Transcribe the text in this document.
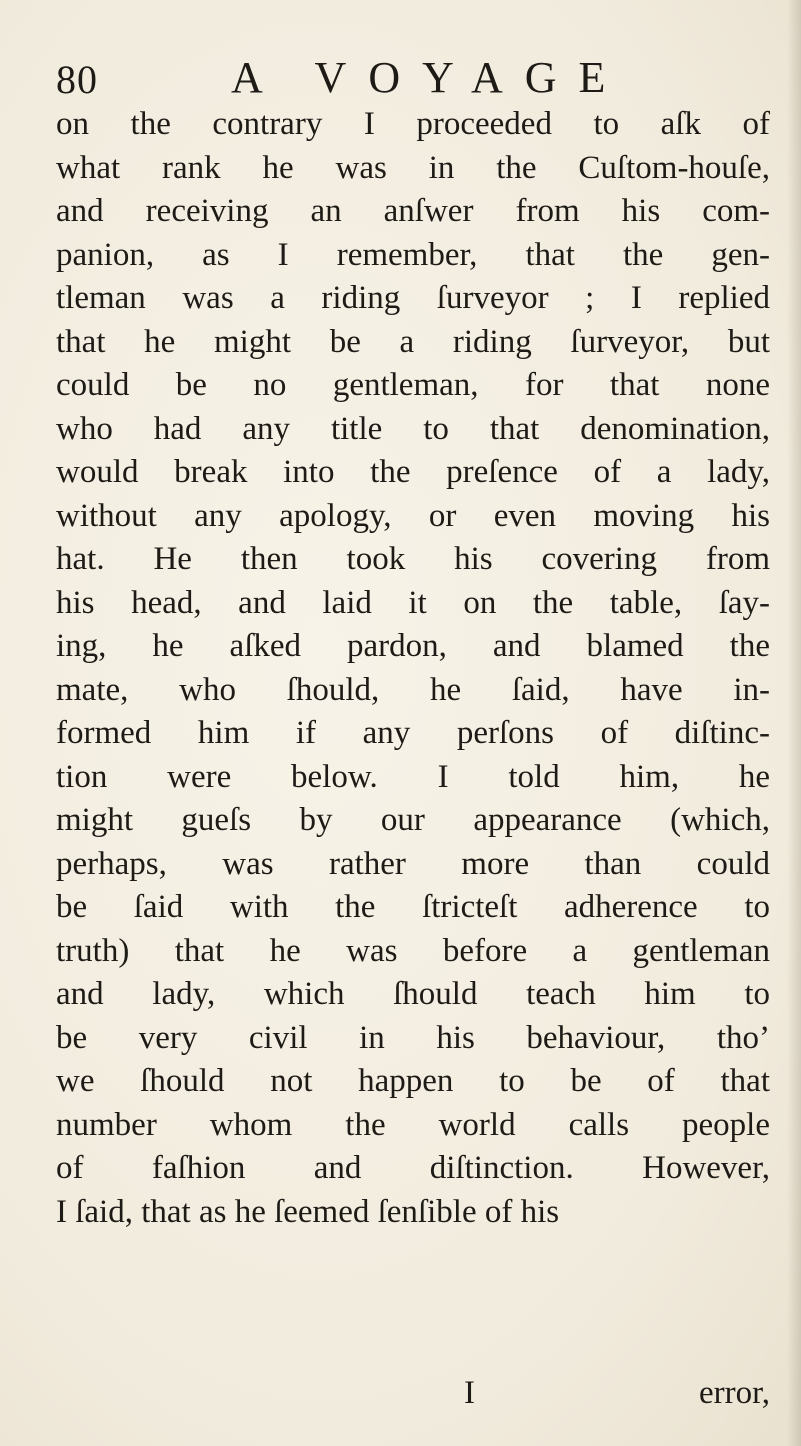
80	A VOYAGE
on the contrary I proceeded to aſk of
what rank he was in the Cuſtom-houſe,
and receiving an anſwer from his com-
panion, as I remember, that the gen-
tleman was a riding ſurveyor ; I replied
that he might be a riding ſurveyor, but
could be no gentleman, for that none
who had any title to that denomination,
would break into the preſence of a lady,
without any apology, or even moving his
hat. He then took his covering from
his head, and laid it on the table, ſay-
ing, he aſked pardon, and blamed the
mate, who ſhould, he ſaid, have in-
formed him if any perſons of diſtinc-
tion were below. I told him, he
might gueſs by our appearance (which,
perhaps, was rather more than could
be ſaid with the ſtricteſt adherence to
truth) that he was before a gentleman
and lady, which ſhould teach him to
be very civil in his behaviour, tho’
we ſhould not happen to be of that
number whom the world calls people
of faſhion and diſtinction. However,
I ſaid, that as he ſeemed ſenſible of his
I	error,
